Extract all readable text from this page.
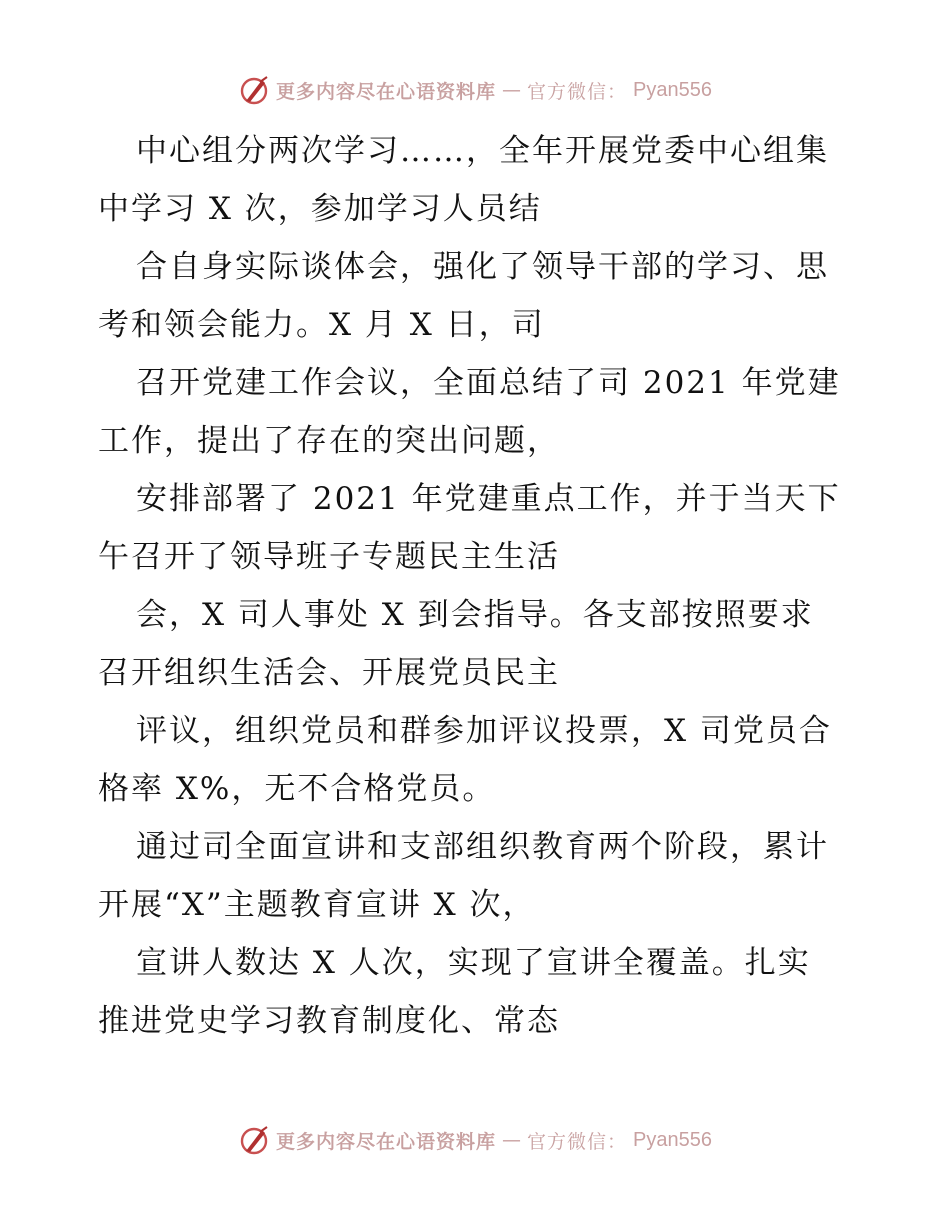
更多内容尽在心语资料库 — 官方微信： Pyan556

中心组分两次学习……，全年开展党委中心组集
中学习 X 次，参加学习人员结

合自身实际谈体会，强化了领导干部的学习、思
考和领会能力。X 月 X 日，司

召开党建工作会议，全面总结了司 2021 年党建
工作，提出了存在的突出问题，

安排部署了 2021 年党建重点工作，并于当天下
午召开了领导班子专题民主生活

会，X 司人事处 X 到会指导。各支部按照要求
召开组织生活会、开展党员民主

评议，组织党员和群参加评议投票，X 司党员合
格率 X%，无不合格党员。

通过司全面宣讲和支部组织教育两个阶段，累计
开展“X”主题教育宣讲 X 次，

宣讲人数达 X 人次，实现了宣讲全覆盖。扎实
推进党史学习教育制度化、常态

更多内容尽在心语资料库 — 官方微信： Pyan556
